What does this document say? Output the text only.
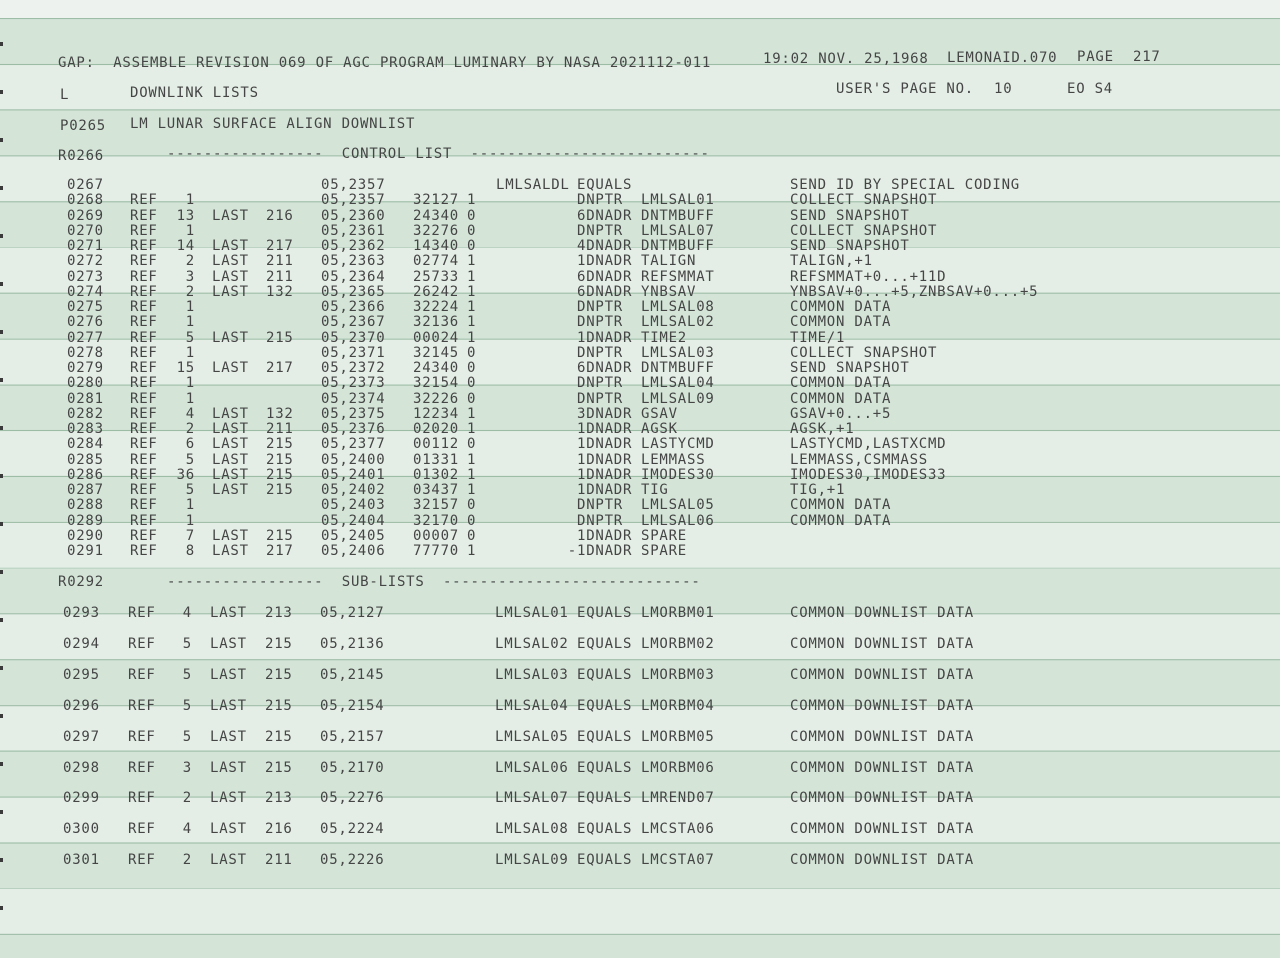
GAP:  ASSEMBLE REVISION 069 OF AGC PROGRAM LUMINARY BY NASA 2021112-011	19:02 NOV. 25,1968 LEMONAID.070 PAGE 217
L	DOWNLINK LISTS	USER'S PAGE NO. 10	EO S4
P0265 LM LUNAR SURFACE ALIGN DOWNLIST
R0266	-----------------  CONTROL LIST  --------------------------
0267	05,2357	LMLSALDL EQUALS	SEND ID BY SPECIAL CODING
0268 REF	1	05,2357 32127 1	DNPTR LMLSAL01	COLLECT SNAPSHOT
0269 REF	13 LAST 216 05,2360 24340 0	6DNADR DNTMBUFF	SEND SNAPSHOT
0270 REF	1	05,2361 32276 0	DNPTR LMLSAL07	COLLECT SNAPSHOT
0271 REF	14 LAST 217 05,2362 14340 0	4DNADR DNTMBUFF	SEND SNAPSHOT
0272 REF	2 LAST 211 05,2363 02774 1	1DNADR TALIGN	TALIGN,+1
0273 REF	3 LAST 211 05,2364 25733 1	6DNADR REFSMMAT	REFSMMAT+0...+11D
0274 REF	2 LAST 132 05,2365 26242 1	6DNADR YNBSAV	YNBSAV+0...+5,ZNBSAV+0...+5
0275 REF	1	05,2366 32224 1	DNPTR LMLSAL08	COMMON DATA
0276 REF	1	05,2367 32136 1	DNPTR LMLSAL02	COMMON DATA
0277 REF	5 LAST 215 05,2370 00024 1	1DNADR TIME2	TIME/1
0278 REF	1	05,2371 32145 0	DNPTR LMLSAL03	COLLECT SNAPSHOT
0279 REF	15 LAST 217 05,2372 24340 0	6DNADR DNTMBUFF	SEND SNAPSHOT
0280 REF	1	05,2373 32154 0	DNPTR LMLSAL04	COMMON DATA
0281 REF	1	05,2374 32226 0	DNPTR LMLSAL09	COMMON DATA
0282 REF	4 LAST 132 05,2375 12234 1	3DNADR GSAV	GSAV+0...+5
0283 REF	2 LAST 211 05,2376 02020 1	1DNADR AGSK	AGSK,+1
0284 REF	6 LAST 215 05,2377 00112 0	1DNADR LASTYCMD	LASTYCMD,LASTXCMD
0285 REF	5 LAST 215 05,2400 01331 1	1DNADR LEMMASS	LEMMASS,CSMMASS
0286 REF	36 LAST 215 05,2401 01302 1	1DNADR IMODES30	IMODES30,IMODES33
0287 REF	5 LAST 215 05,2402 03437 1	1DNADR TIG	TIG,+1
0288 REF	1	05,2403 32157 0	DNPTR LMLSAL05	COMMON DATA
0289 REF	1	05,2404 32170 0	DNPTR LMLSAL06	COMMON DATA
0290 REF	7 LAST 215 05,2405 00007 0	1DNADR SPARE
0291 REF	8 LAST 217 05,2406 77770 1	-1DNADR SPARE
R0292	-----------------  SUB-LISTS  ----------------------------
0293 REF	4 LAST 213 05,2127	LMLSAL01 EQUALS LMORBM01	COMMON DOWNLIST DATA
0294 REF	5 LAST 215 05,2136	LMLSAL02 EQUALS LMORBM02	COMMON DOWNLIST DATA
0295 REF	5 LAST 215 05,2145	LMLSAL03 EQUALS LMORBM03	COMMON DOWNLIST DATA
0296 REF	5 LAST 215 05,2154	LMLSAL04 EQUALS LMORBM04	COMMON DOWNLIST DATA
0297 REF	5 LAST 215 05,2157	LMLSAL05 EQUALS LMORBM05	COMMON DOWNLIST DATA
0298 REF	3 LAST 215 05,2170	LMLSAL06 EQUALS LMORBM06	COMMON DOWNLIST DATA
0299 REF	2 LAST 213 05,2276	LMLSAL07 EQUALS LMREND07	COMMON DOWNLIST DATA
0300 REF	4 LAST 216 05,2224	LMLSAL08 EQUALS LMCSTA06	COMMON DOWNLIST DATA
0301 REF	2 LAST 211 05,2226	LMLSAL09 EQUALS LMCSTA07	COMMON DOWNLIST DATA
